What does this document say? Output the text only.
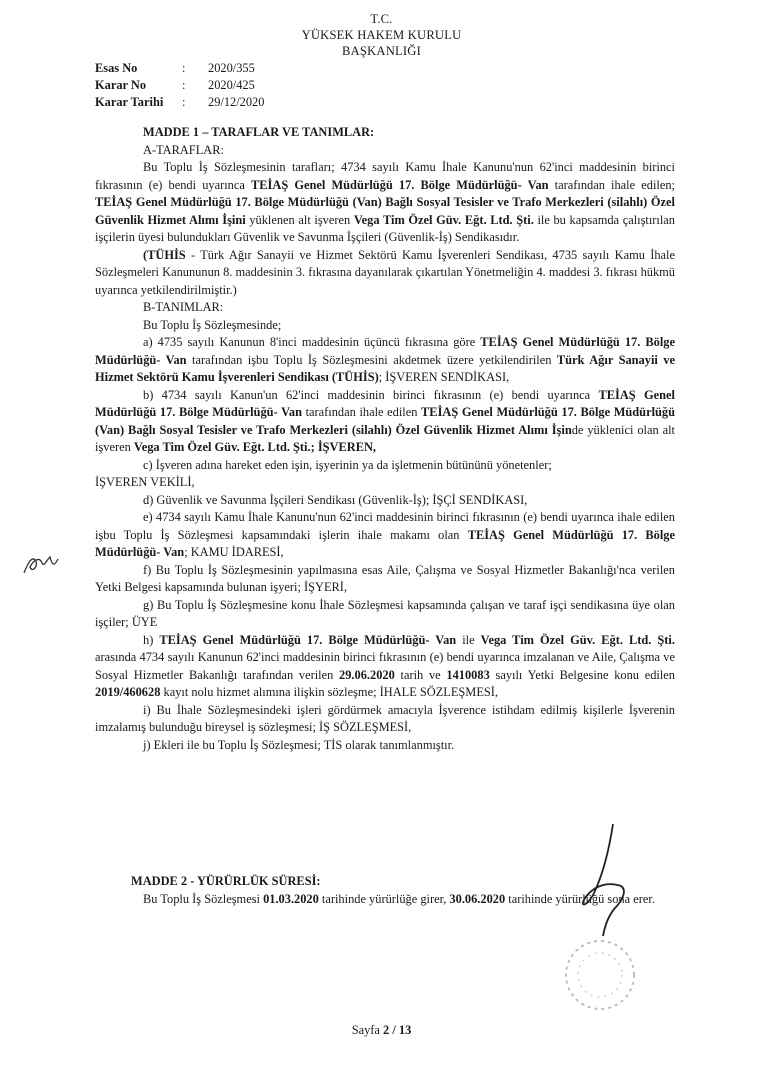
T.C.
YÜKSEK HAKEM KURULU
BAŞKANLIĞI
Esas No	:	2020/355
Karar No	:	2020/425
Karar Tarihi	:	29/12/2020

MADDE 1 – TARAFLAR VE TANIMLAR:

A-TARAFLAR:

Bu Toplu İş Sözleşmesinin tarafları; 4734 sayılı Kamu İhale Kanunu'nun 62'inci maddesinin birinci fıkrasının (e) bendi uyarınca TEİAŞ Genel Müdürlüğü 17. Bölge Müdürlüğü- Van tarafından ihale edilen; TEİAŞ Genel Müdürlüğü 17. Bölge Müdürlüğü (Van) Bağlı Sosyal Tesisler ve Trafo Merkezleri (silahlı) Özel Güvenlik Hizmet Alımı İşini yüklenen alt işveren Vega Tim Özel Güv. Eğt. Ltd. Şti. ile bu kapsamda çalıştırılan işçilerin üyesi bulundukları Güvenlik ve Savunma İşçileri (Güvenlik-İş) Sendikasıdır.

(TÜHİS - Türk Ağır Sanayii ve Hizmet Sektörü Kamu İşverenleri Sendikası, 4735 sayılı Kamu İhale Sözleşmeleri Kanununun 8. maddesinin 3. fıkrasına dayanılarak çıkartılan Yönetmeliğin 4. maddesi 3. fıkrası hükmü uyarınca yetkilendirilmiştir.)

B-TANIMLAR:

Bu Toplu İş Sözleşmesinde;

a) 4735 sayılı Kanunun 8'inci maddesinin üçüncü fıkrasına göre TEİAŞ Genel Müdürlüğü 17. Bölge Müdürlüğü- Van tarafından işbu Toplu İş Sözleşmesini akdetmek üzere yetkilendirilen Türk Ağır Sanayii ve Hizmet Sektörü Kamu İşverenleri Sendikası (TÜHİS); İŞVEREN SENDİKASI,

b) 4734 sayılı Kanun'un 62'inci maddesinin birinci fıkrasının (e) bendi uyarınca TEİAŞ Genel Müdürlüğü 17. Bölge Müdürlüğü- Van tarafından ihale edilen TEİAŞ Genel Müdürlüğü 17. Bölge Müdürlüğü (Van) Bağlı Sosyal Tesisler ve Trafo Merkezleri (silahlı) Özel Güvenlik Hizmet Alımı İşinde yüklenici olan alt işveren Vega Tim Özel Güv. Eğt. Ltd. Şti.; İŞVEREN,

c) İşveren adına hareket eden işin, işyerinin ya da işletmenin bütününü yönetenler;

İŞVEREN VEKİLİ,

d) Güvenlik ve Savunma İşçileri Sendikası (Güvenlik-İş); İŞÇİ SENDİKASI,

e) 4734 sayılı Kamu İhale Kanunu'nun 62'inci maddesinin birinci fıkrasının (e) bendi uyarınca ihale edilen işbu Toplu İş Sözleşmesi kapsamındaki işlerin ihale makamı olan TEİAŞ Genel Müdürlüğü 17. Bölge Müdürlüğü- Van; KAMU İDARESİ,

f) Bu Toplu İş Sözleşmesinin yapılmasına esas Aile, Çalışma ve Sosyal Hizmetler Bakanlığı'nca verilen Yetki Belgesi kapsamında bulunan işyeri; İŞYERİ,

g) Bu Toplu İş Sözleşmesine konu İhale Sözleşmesi kapsamında çalışan ve taraf işçi sendikasına üye olan işçiler; ÜYE

h) TEİAŞ Genel Müdürlüğü 17. Bölge Müdürlüğü- Van ile Vega Tim Özel Güv. Eğt. Ltd. Şti. arasında 4734 sayılı Kanunun 62'inci maddesinin birinci fıkrasının (e) bendi uyarınca imzalanan ve Aile, Çalışma ve Sosyal Hizmetler Bakanlığı tarafından verilen 29.06.2020 tarih ve 1410083 sayılı Yetki Belgesine konu edilen 2019/460628 kayıt nolu hizmet alımına ilişkin sözleşme; İHALE SÖZLEŞMESİ,

i) Bu İhale Sözleşmesindeki işleri gördürmek amacıyla İşverence istihdam edilmiş kişilerle İşverenin imzalamış bulunduğu bireysel iş sözleşmesi; İŞ SÖZLEŞMESİ,

j) Ekleri ile bu Toplu İş Sözleşmesi; TİS olarak tanımlanmıştır.

MADDE 2 - YÜRÜRLÜK SÜRESİ:

Bu Toplu İş Sözleşmesi 01.03.2020 tarihinde yürürlüğe girer, 30.06.2020 tarihinde yürürlüğü sona erer.

Sayfa 2 / 13
